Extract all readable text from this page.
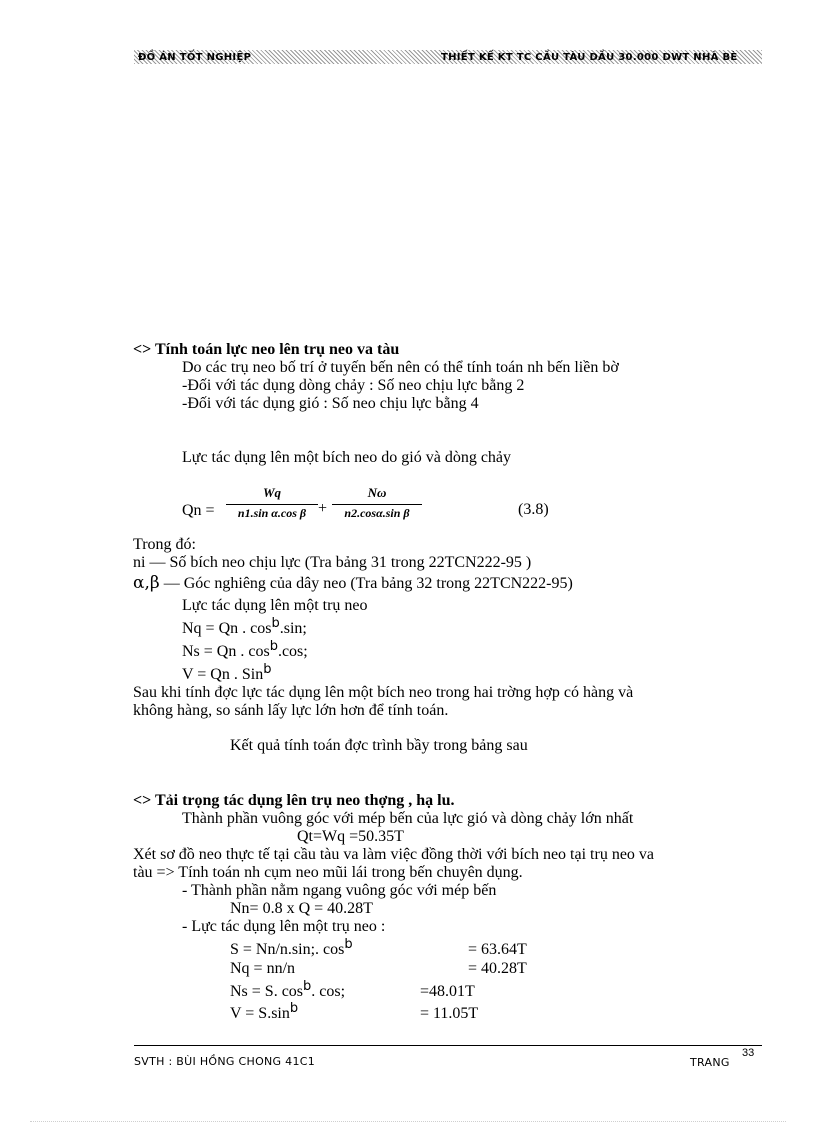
ĐỒ ÁN TỐT NGHIỆP	THIẾT KẾ KT TC CẦU TÀU DẦU 30.000 DWT NHÀ BÈ
<> Tính toán lực neo lên trụ neo va tàu
Do các trụ neo bố trí ở tuyến bến nên có thể tính toán nh bến liền bờ
-Đối với tác dụng dòng chảy : Số neo chịu lực bằng 2
-Đối với tác dụng gió : Số neo chịu lực bằng 4
Lực tác dụng lên một bích neo do gió và dòng chảy
Qn =
Wq
n1.sin α.cos β +
Nω
n2.cosα.sin β	(3.8)
Trong đó:
ni — Số bích neo chịu lực (Tra bảng 31 trong 22TCN222-95 )
α,β — Góc nghiêng của dây neo (Tra bảng 32 trong 22TCN222-95)
Lực tác dụng lên một trụ neo
Nq = Qn . $\cos^b.\sin$;
Ns = Qn . $\cos^b.\cos$;
V = Qn . Sin$^b$
Sau khi tính đợc lực tác dụng lên một bích neo trong hai trờng hợp có hàng và
không hàng, so sánh lấy lực lớn hơn để tính toán.
Kết quả tính toán đợc trình bầy trong bảng sau
<> Tải trọng tác dụng lên trụ neo thợng , hạ lu.
Thành phần vuông góc với mép bến của lực gió và dòng chảy lớn nhất
Qt=Wq =50.35T
Xét sơ đồ neo thực tế tại cầu tàu va làm việc đồng thời với bích neo tại trụ neo va
tàu => Tính toán nh cụm neo mũi lái trong bến chuyên dụng.
- Thành phần nằm ngang vuông góc với mép bến
Nn= 0.8 x Q = 40.28T
- Lực tác dụng lên một trụ neo :
S = Nn/n.sin;. $\cos^b$	= 63.64T
Nq = nn/n	= 40.28T
Ns = S. $\cos^b$. cos;	=48.01T
$V = S.\sin^b$	= 11.05T
SVTH : BÙI HỒNG CHONG 41C1	TRANG
33
